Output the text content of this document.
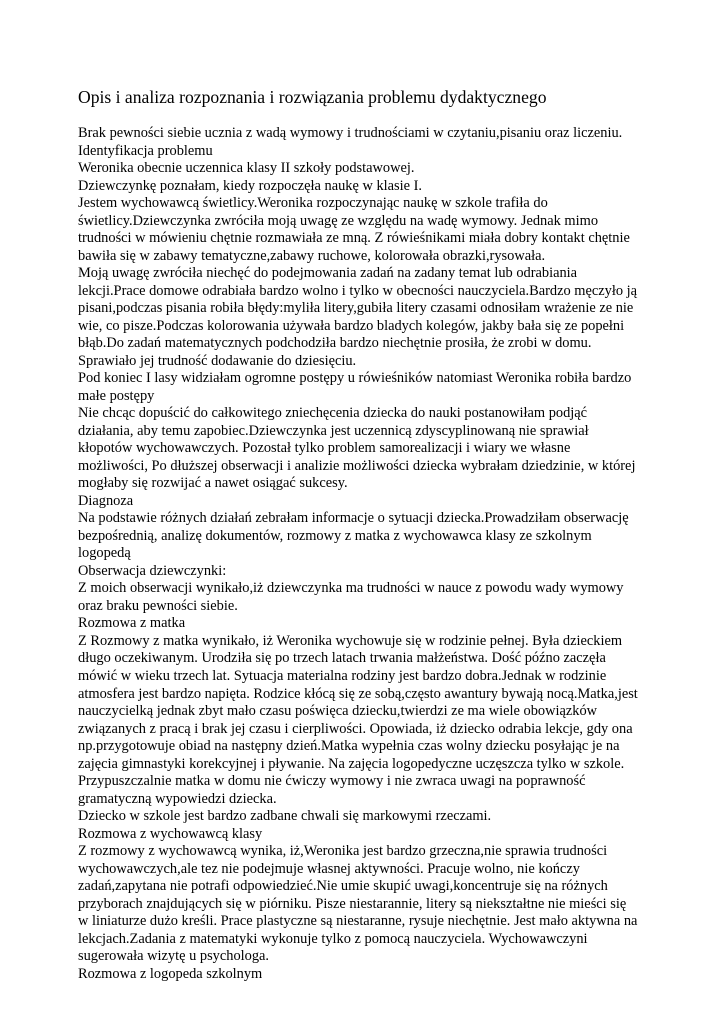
Opis i analiza rozpoznania i rozwiązania problemu dydaktycznego
Brak pewności siebie ucznia z wadą wymowy i trudnościami w czytaniu,pisaniu oraz liczeniu.
Identyfikacja problemu
Weronika obecnie uczennica klasy II szkoły podstawowej.
Dziewczynkę poznałam, kiedy rozpoczęła naukę w klasie I.
Jestem wychowawcą świetlicy.Weronika rozpoczynając naukę w szkole trafiła do
świetlicy.Dziewczynka zwróciła moją uwagę ze względu na wadę wymowy. Jednak mimo
trudności w mówieniu chętnie rozmawiała ze mną. Z rówieśnikami miała dobry kontakt chętnie
bawiła się w zabawy tematyczne,zabawy ruchowe, kolorowała obrazki,rysowała.
Moją uwagę zwróciła niechęć do podejmowania zadań na zadany temat lub odrabiania
lekcji.Prace domowe odrabiała bardzo wolno i tylko w obecności nauczyciela.Bardzo męczyło ją
pisani,podczas pisania robiła błędy:myliła litery,gubiła litery czasami odnosiłam wrażenie ze nie
wie, co pisze.Podczas kolorowania używała bardzo bladych kolegów, jakby bała się ze popełni
błąb.Do zadań matematycznych podchodziła bardzo niechętnie prosiła, że zrobi w domu.
Sprawiało jej trudność dodawanie do dziesięciu.
Pod koniec I lasy widziałam ogromne postępy u rówieśników natomiast Weronika robiła bardzo
małe postępy
Nie chcąc dopuścić do całkowitego zniechęcenia dziecka do nauki postanowiłam podjąć
działania, aby temu zapobiec.Dziewczynka jest uczennicą zdyscyplinowaną nie sprawiał
kłopotów wychowawczych. Pozostał tylko problem samorealizacji i wiary we własne
możliwości, Po dłuższej obserwacji i analizie możliwości dziecka wybrałam dziedzinie, w której
mogłaby się rozwijać a nawet osiągać sukcesy.
Diagnoza
Na podstawie różnych działań zebrałam informacje o sytuacji dziecka.Prowadziłam obserwację
bezpośrednią, analizę dokumentów, rozmowy z matka z wychowawca klasy ze szkolnym
logopedą
Obserwacja dziewczynki:
Z moich obserwacji wynikało,iż dziewczynka ma trudności w nauce z powodu wady wymowy
oraz braku pewności siebie.
Rozmowa z matka
Z Rozmowy z matka wynikało, iż Weronika wychowuje się w rodzinie pełnej. Była dzieckiem
długo oczekiwanym. Urodziła się po trzech latach trwania małżeństwa. Dość późno zaczęła
mówić w wieku trzech lat. Sytuacja materialna rodziny jest bardzo dobra.Jednak w rodzinie
atmosfera jest bardzo napięta. Rodzice kłócą się ze sobą,często awantury bywają nocą.Matka,jest
nauczycielką jednak zbyt mało czasu poświęca dziecku,twierdzi ze ma wiele obowiązków
związanych z pracą i brak jej czasu i cierpliwości. Opowiada, iż dziecko odrabia lekcje, gdy ona
np.przygotowuje obiad na następny dzień.Matka wypełnia czas wolny dziecku posyłając je na
zajęcia gimnastyki korekcyjnej i pływanie. Na zajęcia logopedyczne uczęszcza tylko w szkole.
Przypuszczalnie matka w domu nie ćwiczy wymowy i nie zwraca uwagi na poprawność
gramatyczną wypowiedzi dziecka.
Dziecko w szkole jest bardzo zadbane chwali się markowymi rzeczami.
Rozmowa z wychowawcą klasy
Z rozmowy z wychowawcą wynika, iż,Weronika jest bardzo grzeczna,nie sprawia trudności
wychowawczych,ale tez nie podejmuje własnej aktywności. Pracuje wolno, nie kończy
zadań,zapytana nie potrafi odpowiedzieć.Nie umie skupić uwagi,koncentruje się na różnych
przyborach znajdujących się w piórniku. Pisze niestarannie, litery są niekształtne nie mieści się
w liniaturze dużo kreśli. Prace plastyczne są niestaranne, rysuje niechętnie. Jest mało aktywna na
lekcjach.Zadania z matematyki wykonuje tylko z pomocą nauczyciela. Wychowawczyni
sugerowała wizytę u psychologa.
Rozmowa z logopeda szkolnym
